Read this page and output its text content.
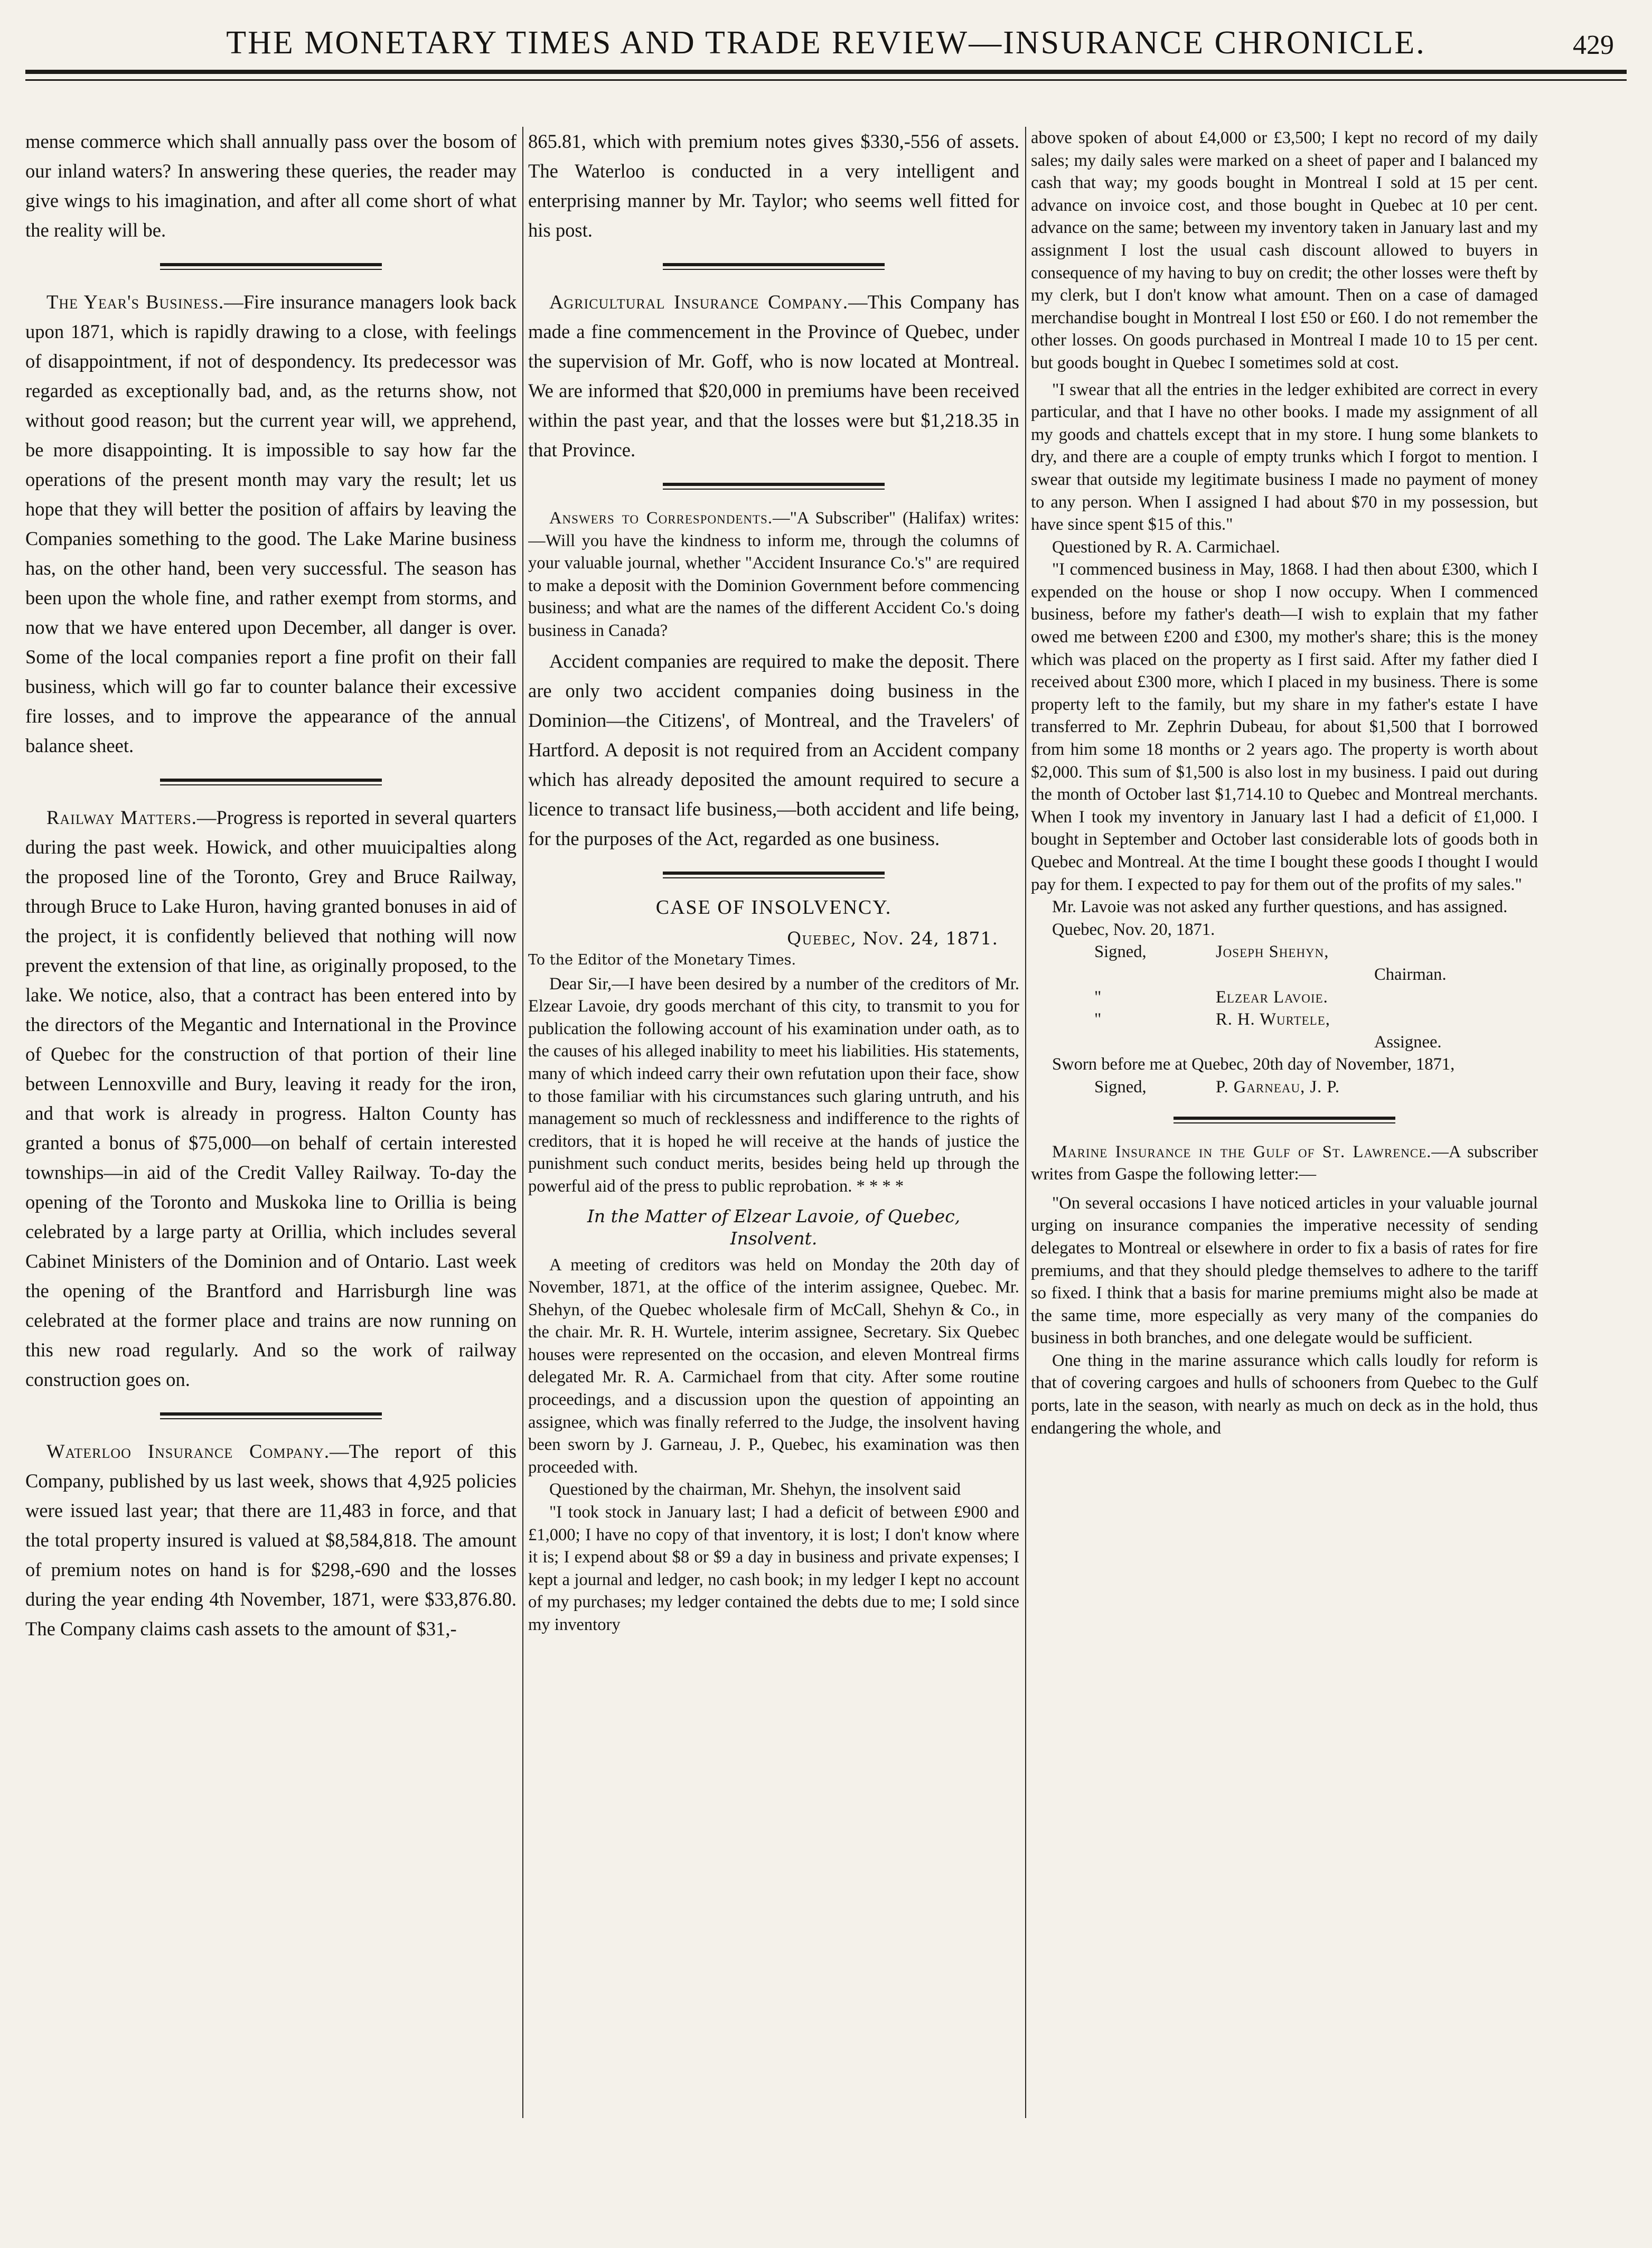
THE MONETARY TIMES AND TRADE REVIEW—INSURANCE CHRONICLE.	429

mense commerce which shall annually pass over the bosom of our inland waters? In answering these queries, the reader may give wings to his imagination, and after all come short of what the reality will be.

The Year's Business.—Fire insurance managers look back upon 1871, which is rapidly drawing to a close, with feelings of disappointment, if not of despondency. Its predecessor was regarded as exceptionally bad, and, as the returns show, not without good reason; but the current year will, we apprehend, be more disappointing. It is impossible to say how far the operations of the present month may vary the result; let us hope that they will better the position of affairs by leaving the Companies something to the good. The Lake Marine business has, on the other hand, been very successful. The season has been upon the whole fine, and rather exempt from storms, and now that we have entered upon December, all danger is over. Some of the local companies report a fine profit on their fall business, which will go far to counter balance their excessive fire losses, and to improve the appearance of the annual balance sheet.

Railway Matters.—Progress is reported in several quarters during the past week. Howick, and other muuicipalties along the proposed line of the Toronto, Grey and Bruce Railway, through Bruce to Lake Huron, having granted bonuses in aid of the project, it is confidently believed that nothing will now prevent the extension of that line, as originally proposed, to the lake. We notice, also, that a contract has been entered into by the directors of the Megantic and International in the Province of Quebec for the construction of that portion of their line between Lennoxville and Bury, leaving it ready for the iron, and that work is already in progress. Halton County has granted a bonus of $75,000—on behalf of certain interested townships—in aid of the Credit Valley Railway. To-day the opening of the Toronto and Muskoka line to Orillia is being celebrated by a large party at Orillia, which includes several Cabinet Ministers of the Dominion and of Ontario. Last week the opening of the Brantford and Harrisburgh line was celebrated at the former place and trains are now running on this new road regularly. And so the work of railway construction goes on.

Waterloo Insurance Company.—The report of this Company, published by us last week, shows that 4,925 policies were issued last year; that there are 11,483 in force, and that the total property insured is valued at $8,584,818. The amount of premium notes on hand is for $298,-690 and the losses during the year ending 4th November, 1871, were $33,876.80. The Company claims cash assets to the amount of $31,-

865.81, which with premium notes gives $330,-556 of assets. The Waterloo is conducted in a very intelligent and enterprising manner by Mr. Taylor; who seems well fitted for his post.

Agricultural Insurance Company.—This Company has made a fine commencement in the Province of Quebec, under the supervision of Mr. Goff, who is now located at Montreal. We are informed that $20,000 in premiums have been received within the past year, and that the losses were but $1,218.35 in that Province.

Answers to Correspondents.—"A Subscriber" (Halifax) writes:—Will you have the kindness to inform me, through the columns of your valuable journal, whether "Accident Insurance Co.'s" are required to make a deposit with the Dominion Government before commencing business; and what are the names of the different Accident Co.'s doing business in Canada?

Accident companies are required to make the deposit. There are only two accident companies doing business in the Dominion—the Citizens', of Montreal, and the Travelers' of Hartford. A deposit is not required from an Accident company which has already deposited the amount required to secure a licence to transact life business,—both accident and life being, for the purposes of the Act, regarded as one business.

CASE OF INSOLVENCY.

Quebec, Nov. 24, 1871.

To the Editor of the Monetary Times.

Dear Sir,—I have been desired by a number of the creditors of Mr. Elzear Lavoie, dry goods merchant of this city, to transmit to you for publication the following account of his examination under oath, as to the causes of his alleged inability to meet his liabilities. His statements, many of which indeed carry their own refutation upon their face, show to those familiar with his circumstances such glaring untruth, and his management so much of recklessness and indifference to the rights of creditors, that it is hoped he will receive at the hands of justice the punishment such conduct merits, besides being held up through the powerful aid of the press to public reprobation. * * * *

In the Matter of Elzear Lavoie, of Quebec,
Insolvent.

A meeting of creditors was held on Monday the 20th day of November, 1871, at the office of the interim assignee, Quebec. Mr. Shehyn, of the Quebec wholesale firm of McCall, Shehyn & Co., in the chair. Mr. R. H. Wurtele, interim assignee, Secretary. Six Quebec houses were represented on the occasion, and eleven Montreal firms delegated Mr. R. A. Carmichael from that city. After some routine proceedings, and a discussion upon the question of appointing an assignee, which was finally referred to the Judge, the insolvent having been sworn by J. Garneau, J. P., Quebec, his examination was then proceeded with.

Questioned by the chairman, Mr. Shehyn, the insolvent said

"I took stock in January last; I had a deficit of between £900 and £1,000; I have no copy of that inventory, it is lost; I don't know where it is; I expend about $8 or $9 a day in business and private expenses; I kept a journal and ledger, no cash book; in my ledger I kept no account of my purchases; my ledger contained the debts due to me; I sold since my inventory

above spoken of about £4,000 or £3,500; I kept no record of my daily sales; my daily sales were marked on a sheet of paper and I balanced my cash that way; my goods bought in Montreal I sold at 15 per cent. advance on invoice cost, and those bought in Quebec at 10 per cent. advance on the same; between my inventory taken in January last and my assignment I lost the usual cash discount allowed to buyers in consequence of my having to buy on credit; the other losses were theft by my clerk, but I don't know what amount. Then on a case of damaged merchandise bought in Montreal I lost £50 or £60. I do not remember the other losses. On goods purchased in Montreal I made 10 to 15 per cent. but goods bought in Quebec I sometimes sold at cost.

"I swear that all the entries in the ledger exhibited are correct in every particular, and that I have no other books. I made my assignment of all my goods and chattels except that in my store. I hung some blankets to dry, and there are a couple of empty trunks which I forgot to mention. I swear that outside my legitimate business I made no payment of money to any person. When I assigned I had about $70 in my possession, but have since spent $15 of this."

Questioned by R. A. Carmichael.

"I commenced business in May, 1868. I had then about £300, which I expended on the house or shop I now occupy. When I commenced business, before my father's death—I wish to explain that my father owed me between £200 and £300, my mother's share; this is the money which was placed on the property as I first said. After my father died I received about £300 more, which I placed in my business. There is some property left to the family, but my share in my father's estate I have transferred to Mr. Zephrin Dubeau, for about $1,500 that I borrowed from him some 18 months or 2 years ago. The property is worth about $2,000. This sum of $1,500 is also lost in my business. I paid out during the month of October last $1,714.10 to Quebec and Montreal merchants. When I took my inventory in January last I had a deficit of £1,000. I bought in September and October last considerable lots of goods both in Quebec and Montreal. At the time I bought these goods I thought I would pay for them. I expected to pay for them out of the profits of my sales."

Mr. Lavoie was not asked any further questions, and has assigned.

Quebec, Nov. 20, 1871.

Signed,	Joseph Shehyn,

Chairman.

"	Elzear Lavoie.

"	R. H. Wurtele,

Assignee.

Sworn before me at Quebec, 20th day of November, 1871,

Signed,	P. Garneau, J. P.

Marine Insurance in the Gulf of St. Lawrence.—A subscriber writes from Gaspe the following letter:—

"On several occasions I have noticed articles in your valuable journal urging on insurance companies the imperative necessity of sending delegates to Montreal or elsewhere in order to fix a basis of rates for fire premiums, and that they should pledge themselves to adhere to the tariff so fixed. I think that a basis for marine premiums might also be made at the same time, more especially as very many of the companies do business in both branches, and one delegate would be sufficient.

One thing in the marine assurance which calls loudly for reform is that of covering cargoes and hulls of schooners from Quebec to the Gulf ports, late in the season, with nearly as much on deck as in the hold, thus endangering the whole, and
